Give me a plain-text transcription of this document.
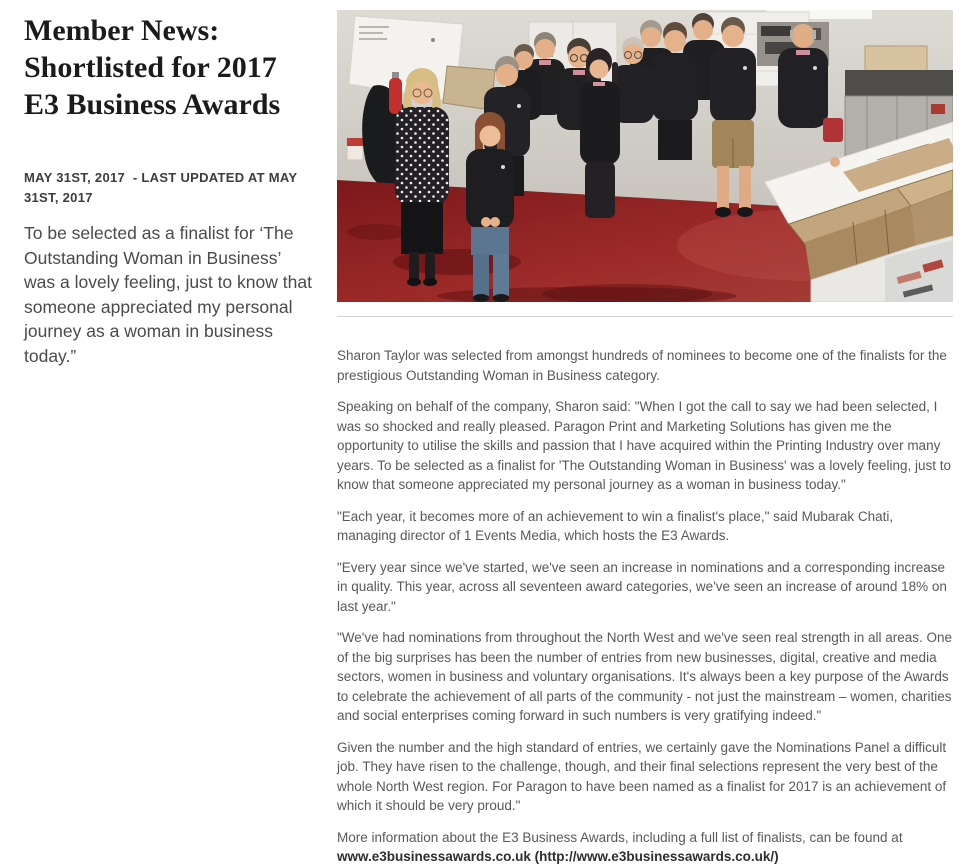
Member News: Shortlisted for 2017 E3 Business Awards

MAY 31ST, 2017  - LAST UPDATED AT MAY 31ST, 2017

To be selected as a finalist for ‘The Outstanding Woman in Business’ was a lovely feeling, just to know that someone appreciated my personal journey as a woman in business today.”	Sharon Taylor was selected from amongst hundreds of nominees to become one of the finalists for the prestigious Outstanding Woman in Business category.

Speaking on behalf of the company, Sharon said: "When I got the call to say we had been selected, I was so shocked and really pleased. Paragon Print and Marketing Solutions has given me the opportunity to utilise the skills and passion that I have acquired within the Printing Industry over many years. To be selected as a finalist for 'The Outstanding Woman in Business' was a lovely feeling, just to know that someone appreciated my personal journey as a woman in business today."

"Each year, it becomes more of an achievement to win a finalist's place," said Mubarak Chati, managing director of 1 Events Media, which hosts the E3 Awards.

"Every year since we've started, we've seen an increase in nominations and a corresponding increase in quality. This year, across all seventeen award categories, we've seen an increase of around 18% on last year."

"We've had nominations from throughout the North West and we've seen real strength in all areas. One of the big surprises has been the number of entries from new businesses, digital, creative and media sectors, women in business and voluntary organisations. It's always been a key purpose of the Awards to celebrate the achievement of all parts of the community - not just the mainstream – women, charities and social enterprises coming forward in such numbers is very gratifying indeed."

Given the number and the high standard of entries, we certainly gave the Nominations Panel a difficult job. They have risen to the challenge, though, and their final selections represent the very best of the whole North West region. For Paragon to have been named as a finalist for 2017 is an achievement of which it should be very proud."

More information about the E3 Business Awards, including a full list of finalists, can be found at www.e3businessawards.co.uk (http://www.e3businessawards.co.uk/)
